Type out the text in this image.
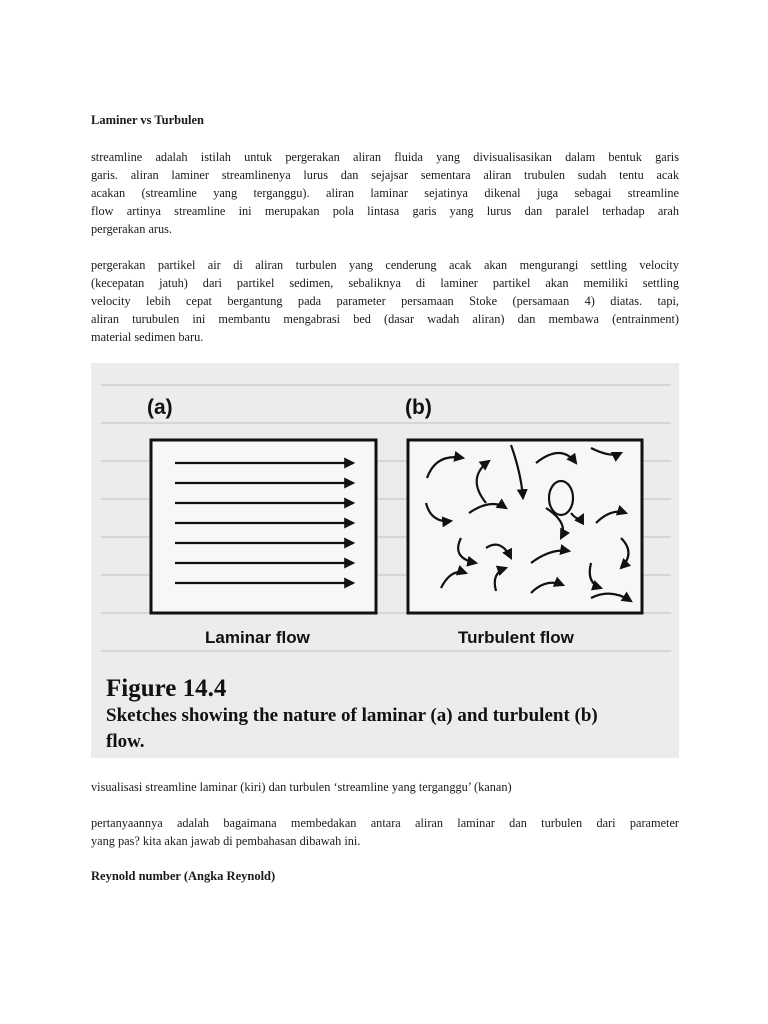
Laminer vs Turbulen

streamline adalah istilah untuk pergerakan aliran fluida yang divisualisasikan dalam bentuk garis
garis. aliran laminer streamlinenya lurus dan sejajsar sementara aliran trubulen sudah tentu acak
acakan (streamline yang terganggu). aliran laminar sejatinya dikenal juga sebagai streamline
flow artinya streamline ini merupakan pola lintasa garis yang lurus dan paralel terhadap arah
pergerakan arus.

pergerakan partikel air di aliran turbulen yang cenderung acak akan mengurangi settling velocity
(kecepatan jatuh) dari partikel sedimen, sebaliknya di laminer partikel akan memiliki settling
velocity lebih cepat bergantung pada parameter persamaan Stoke (persamaan 4) diatas. tapi,
aliran turubulen ini membantu mengabrasi bed (dasar wadah aliran) dan membawa (entrainment)
material sedimen baru.

(a)
Laminar flow
(b)
Turbulent flow
Figure 14.4
Sketches showing the nature of laminar (a) and turbulent (b)
flow.

visualisasi streamline laminar (kiri) dan turbulen ‘streamline yang terganggu’ (kanan)

pertanyaannya adalah bagaimana membedakan antara aliran laminar dan turbulen dari parameter
yang pas? kita akan jawab di pembahasan dibawah ini.

Reynold number (Angka Reynold)
